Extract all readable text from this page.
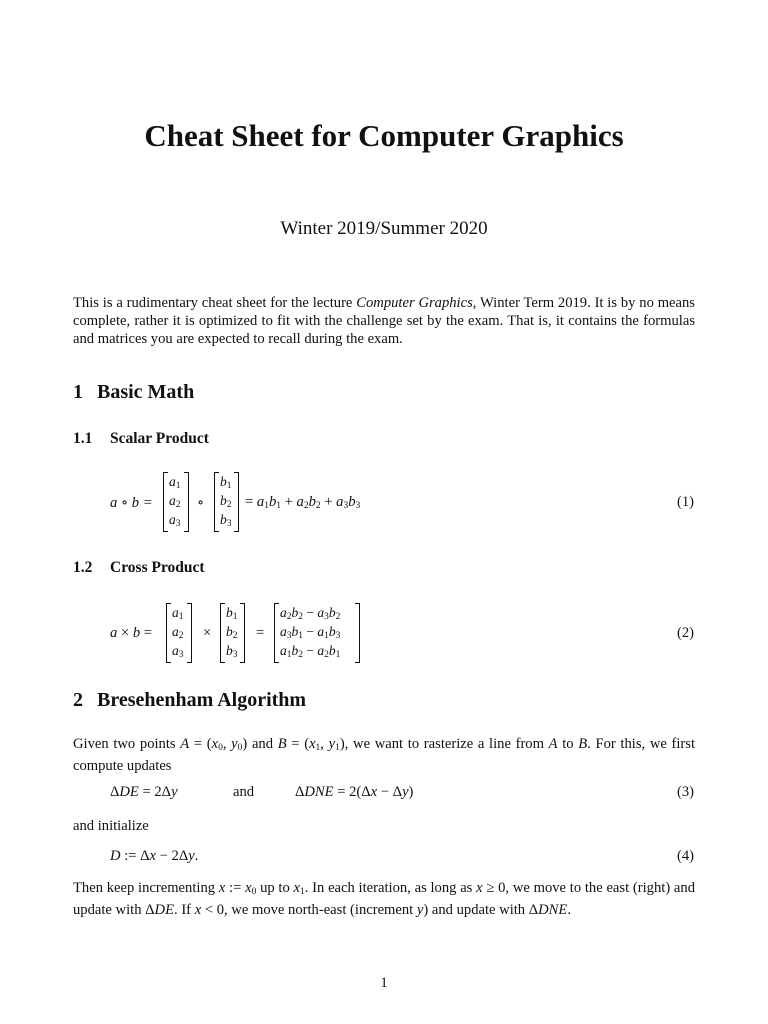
Cheat Sheet for Computer Graphics
Winter 2019/Summer 2020
This is a rudimentary cheat sheet for the lecture Computer Graphics, Winter Term 2019. It is by no means complete, rather it is optimized to fit with the challenge set by the exam. That is, it contains the formulas and matrices you are expected to recall during the exam.
1 Basic Math
1.1 Scalar Product
a ∘ b =
$a_1$
$a_2$
$a_3$
∘
$b_1$
$b_2$
$b_3$
= $a_1b_1 + a_2b_2 + a_3b_3$	(1)
1.2 Cross Product
a × b =
$a_1$
$a_2$
$a_3$
×
$b_1$
$b_2$
$b_3$
=
$a_2b_2 - a_3b_2$
$a_3b_1 - a_1b_3$
$a_1b_2 - a_2b_1$
(2)
2 Bresehenham Algorithm
Given two points $A = (x_0$, $y_0$) and $B = (x_1$, $y_1$), we want to rasterize a line from A to B. For this, we first compute updates
ΔDE = 2Δy	and	ΔDNE = 2(Δx − Δy)	(3)
and initialize
D := Δx − 2Δy.	(4)
Then keep incrementing x := $x_0$ up to $x_1$. In each iteration, as long as x ≥ 0, we move to the east (right) and update with ΔDE. If x < 0, we move north-east (increment y) and update with ΔDNE.
1
